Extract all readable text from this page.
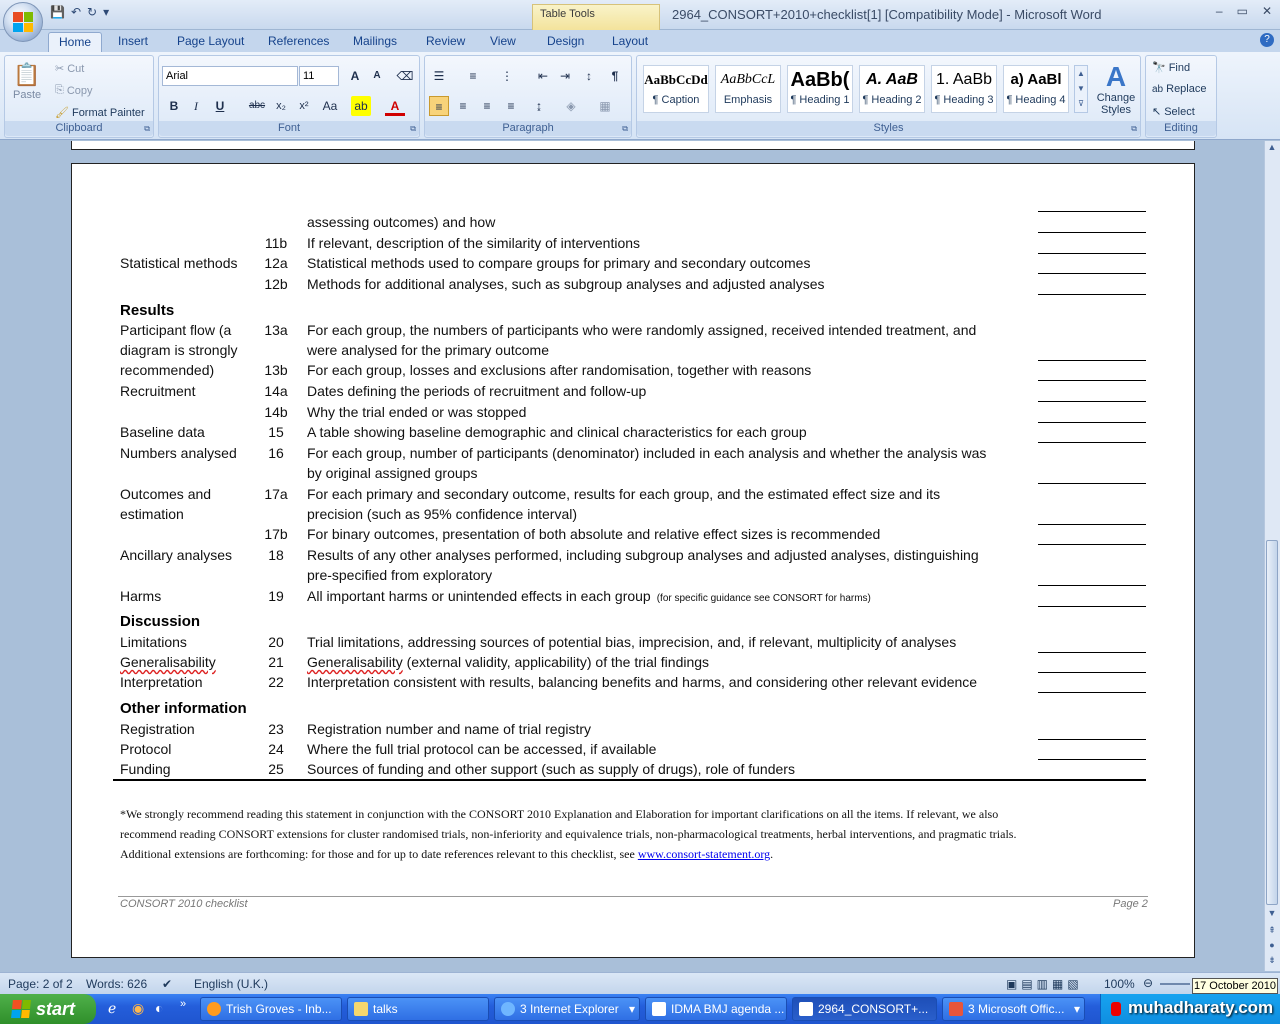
💾 ↶ ↻ ▾	Table Tools	2964_CONSORT+2010+checklist[1] [Compatibility Mode] - Microsoft Word	– ▭ ✕
Home	Insert	Page Layout	References	Mailings	Review	View	Design	Layout	?
📋
Paste
✂ Cut
⎘ Copy
🖌 Format Painter
Clipboard	⧉
Arial	11	A	A	⌫
B	I	U	abc	x₂	x²	Aa	ab	A
Font	⧉
☰	≡	⋮	⇤ ⇥	↕	¶
≡	≡	≡	≡	↨	◈	▦
Paragraph	⧉
AaBbCcDd
¶ Caption
AaBbCcL
Emphasis
AaBb(
¶ Heading 1
A. AaB
¶ Heading 2
1. AaBb
¶ Heading 3
a) AaBl
¶ Heading 4
▲
▼
⊽
A
Change Styles
Styles	⧉
🔭 Find
ab Replace
↖ Select
Editing
assessing outcomes) and how
11b	If relevant, description of the similarity of interventions
Statistical methods	12a	Statistical methods used to compare groups for primary and secondary outcomes
12b	Methods for additional analyses, such as subgroup analyses and adjusted analyses
Results
Participant flow (a	13a	For each group, the numbers of participants who were randomly assigned, received intended treatment, and
diagram is strongly	were analysed for the primary outcome
recommended)	13b	For each group, losses and exclusions after randomisation, together with reasons
Recruitment	14a	Dates defining the periods of recruitment and follow-up
14b	Why the trial ended or was stopped
Baseline data	15	A table showing baseline demographic and clinical characteristics for each group
Numbers analysed	16	For each group, number of participants (denominator) included in each analysis and whether the analysis was
by original assigned groups
Outcomes and	17a	For each primary and secondary outcome, results for each group, and the estimated effect size and its
estimation	precision (such as 95% confidence interval)
17b	For binary outcomes, presentation of both absolute and relative effect sizes is recommended
Ancillary analyses	18	Results of any other analyses performed, including subgroup analyses and adjusted analyses, distinguishing
pre-specified from exploratory
Harms	19	All important harms or unintended effects in each group (for specific guidance see CONSORT for harms)
Discussion
Limitations	20	Trial limitations, addressing sources of potential bias, imprecision, and, if relevant, multiplicity of analyses
Generalisability	21	Generalisability (external validity, applicability) of the trial findings
Interpretation	22	Interpretation consistent with results, balancing benefits and harms, and considering other relevant evidence
Other information
Registration	23	Registration number and name of trial registry
Protocol	24	Where the full trial protocol can be accessed, if available
Funding	25	Sources of funding and other support (such as supply of drugs), role of funders
*We strongly recommend reading this statement in conjunction with the CONSORT 2010 Explanation and Elaboration for important clarifications on all the items. If relevant, we also
recommend reading CONSORT extensions for cluster randomised trials, non-inferiority and equivalence trials, non-pharmacological treatments, herbal interventions, and pragmatic trials.
Additional extensions are forthcoming: for those and for up to date references relevant to this checklist, see www.consort-statement.org.
CONSORT 2010 checklist	Page 2
▲
▼
⇞
●
⇟
Page: 2 of 2 Words: 626 ✔ English (U.K.)	▣▤▥▦▧ 100% ⊖	17 October 2010
start ℯ ◉ ◐ »	Trish Groves - Inb...	talks	3 Internet Explorer ▾	IDMA BMJ agenda ...	2964_CONSORT+...	3 Microsoft Offic... ▾	muhadharaty.com
